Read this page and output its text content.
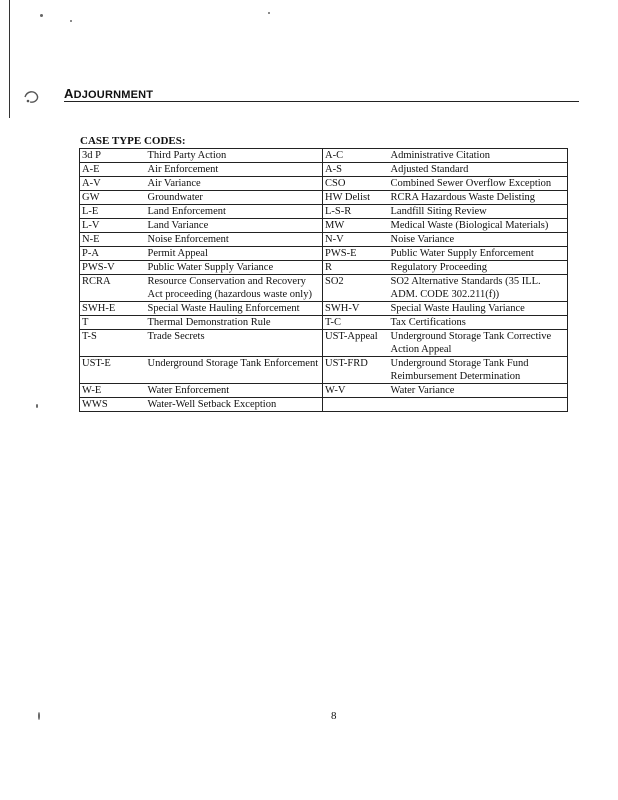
ADJOURNMENT
CASE TYPE CODES:
3d P	Third Party Action	A-C	Administrative Citation
A-E	Air Enforcement	A-S	Adjusted Standard
A-V	Air Variance	CSO	Combined Sewer Overflow Exception
GW	Groundwater	HW Delist	RCRA Hazardous Waste Delisting
L-E	Land Enforcement	L-S-R	Landfill Siting Review
L-V	Land Variance	MW	Medical Waste (Biological Materials)
N-E	Noise Enforcement	N-V	Noise Variance
P-A	Permit Appeal	PWS-E	Public Water Supply Enforcement
PWS-V	Public Water Supply Variance	R	Regulatory Proceeding
RCRA	Resource Conservation and Recovery Act proceeding (hazardous waste only)	SO2	SO2 Alternative Standards (35 ILL. ADM. CODE 302.211(f))
SWH-E	Special Waste Hauling Enforcement	SWH-V	Special Waste Hauling Variance
T	Thermal Demonstration Rule	T-C	Tax Certifications
T-S	Trade Secrets	UST-Appeal	Underground Storage Tank Corrective Action Appeal
UST-E	Underground Storage Tank Enforcement	UST-FRD	Underground Storage Tank Fund Reimbursement Determination
W-E	Water Enforcement	W-V	Water Variance
WWS	Water-Well Setback Exception		
8
